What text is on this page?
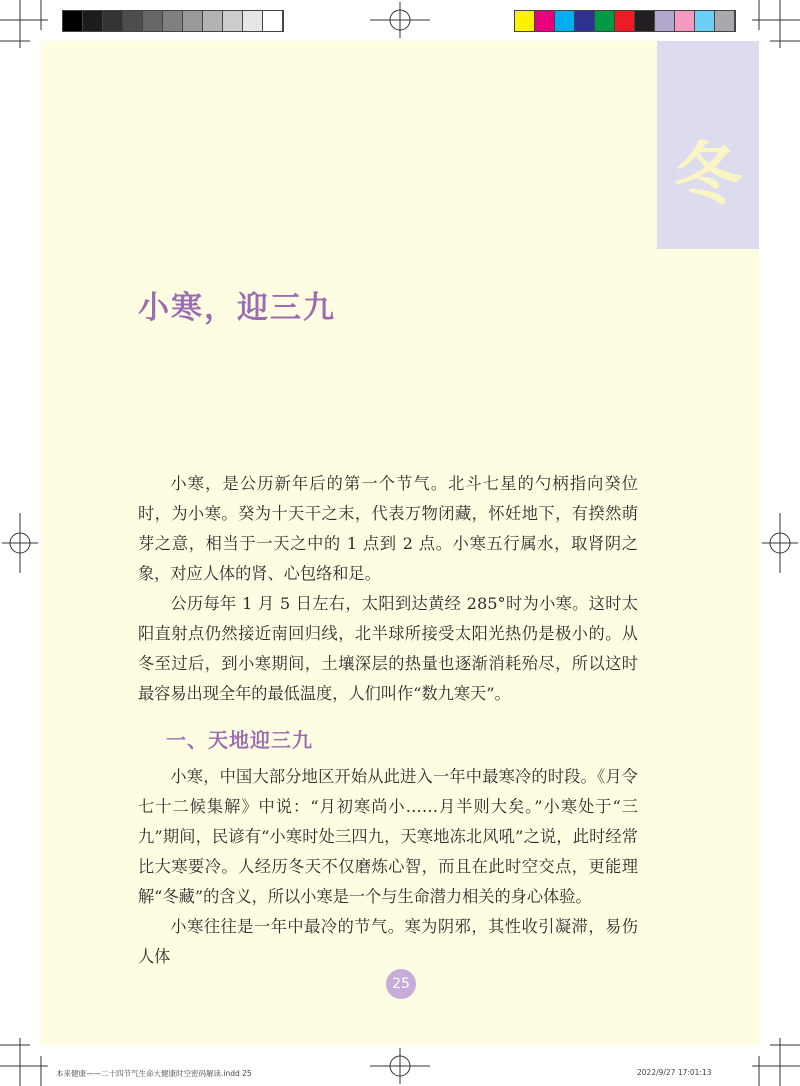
冬
小寒，迎三九

小寒，是公历新年后的第一个节气。北斗七星的勺柄指向癸位时，为小寒。癸为十天干之末，代表万物闭藏，怀妊地下，有揆然萌芽之意，相当于一天之中的 1 点到 2 点。小寒五行属水，取肾阴之象，对应人体的肾、心包络和足。

公历每年 1 月 5 日左右，太阳到达黄经 285°时为小寒。这时太阳直射点仍然接近南回归线，北半球所接受太阳光热仍是极小的。从冬至过后，到小寒期间，土壤深层的热量也逐渐消耗殆尽，所以这时最容易出现全年的最低温度，人们叫作“数九寒天”。

一、天地迎三九

小寒，中国大部分地区开始从此进入一年中最寒冷的时段。《月令七十二候集解》中说：“月初寒尚小……月半则大矣。”小寒处于“三九”期间，民谚有“小寒时处三四九，天寒地冻北风吼”之说，此时经常比大寒要冷。人经历冬天不仅磨炼心智，而且在此时空交点，更能理解“冬藏”的含义，所以小寒是一个与生命潜力相关的身心体验。

小寒往往是一年中最冷的节气。寒为阴邪，其性收引凝滞，易伤人体

25
本来健康——二十四节气生命大健康时空密码解读.indd 25	2022/9/27 17:01:13
